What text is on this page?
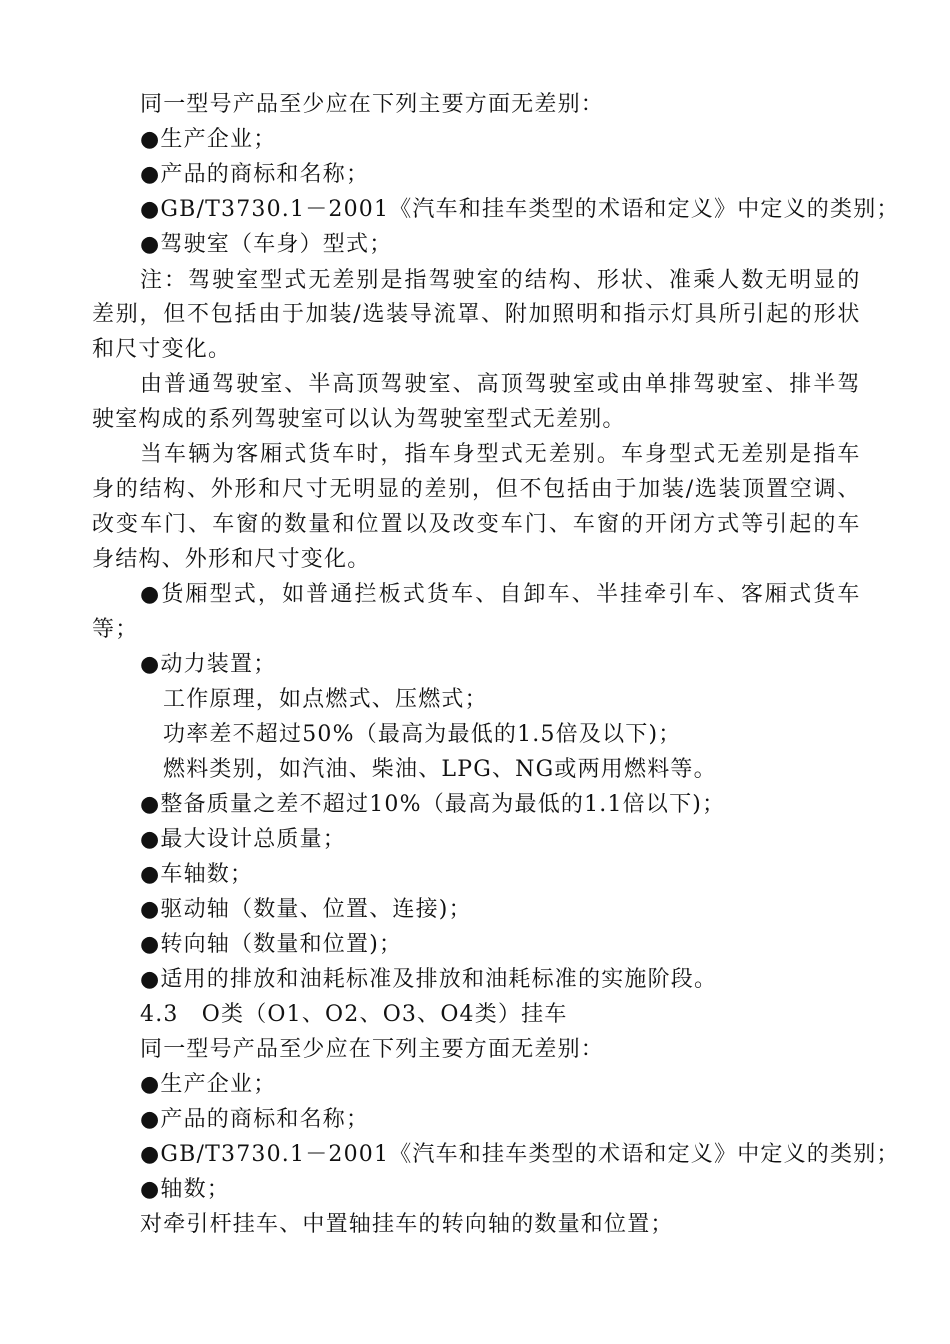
同一型号产品至少应在下列主要方面无差别：
●生产企业；
●产品的商标和名称；
●GB/T3730.1－2001《汽车和挂车类型的术语和定义》中定义的类别；
●驾驶室（车身）型式；
注：驾驶室型式无差别是指驾驶室的结构、形状、准乘人数无明显的
差别，但不包括由于加装/选装导流罩、附加照明和指示灯具所引起的形状
和尺寸变化。
由普通驾驶室、半高顶驾驶室、高顶驾驶室或由单排驾驶室、排半驾
驶室构成的系列驾驶室可以认为驾驶室型式无差别。
当车辆为客厢式货车时，指车身型式无差别。车身型式无差别是指车
身的结构、外形和尺寸无明显的差别，但不包括由于加装/选装顶置空调、
改变车门、车窗的数量和位置以及改变车门、车窗的开闭方式等引起的车
身结构、外形和尺寸变化。
●货厢型式，如普通拦板式货车、自卸车、半挂牵引车、客厢式货车
等；
●动力装置；
工作原理，如点燃式、压燃式；
功率差不超过50%（最高为最低的1.5倍及以下)；
燃料类别，如汽油、柴油、LPG、NG或两用燃料等。
●整备质量之差不超过10%（最高为最低的1.1倍以下)；
●最大设计总质量；
●车轴数；
●驱动轴（数量、位置、连接)；
●转向轴（数量和位置)；
●适用的排放和油耗标准及排放和油耗标准的实施阶段。
4.3　O类（O1、O2、O3、O4类）挂车
同一型号产品至少应在下列主要方面无差别：
●生产企业；
●产品的商标和名称；
●GB/T3730.1－2001《汽车和挂车类型的术语和定义》中定义的类别；
●轴数；
对牵引杆挂车、中置轴挂车的转向轴的数量和位置；
